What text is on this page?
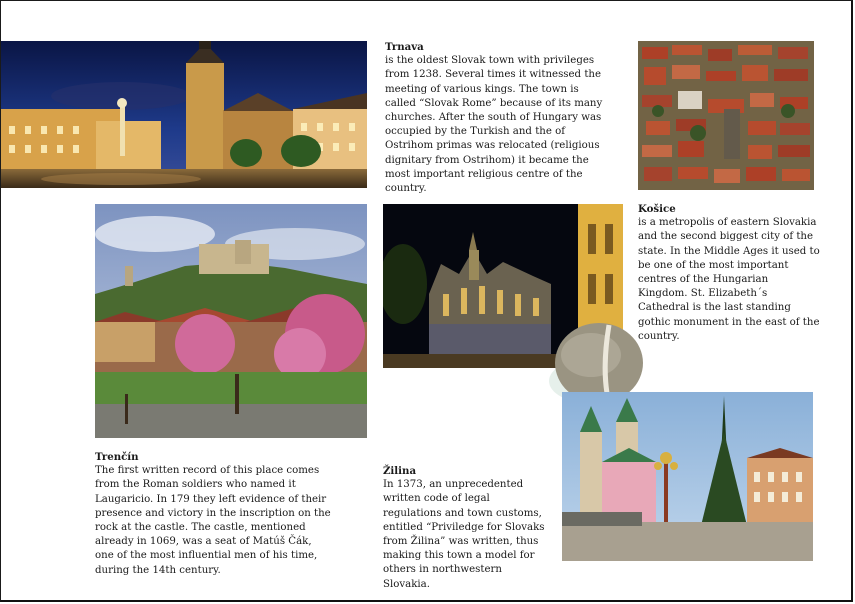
Trnava
is the oldest Slovak town with privileges from 1238. Several times it witnessed the meeting of various kings. The town is called “Slovak Rome” because of its many churches. After the south of Hungary was occupied by the Turkish and the of Ostrihom primas was relocated (religious dignitary from Ostrihom) it became the most important religious centre of the country.
Košice
is a metropolis of eastern Slovakia and the second biggest city of the state. In the Middle Ages it used to be one of the most important centres of the Hungarian Kingdom. St. Elizabeth´s Cathedral is the last standing gothic monument in the east of the country.
Trenčín
The first written record of this place comes from the Roman soldiers who named it Laugaricio. In 179 they left evidence of their presence and victory in the inscription on the rock at the castle. The castle, mentioned already in 1069, was a seat of Matúš Čák, one of the most influential men of his time, during the 14th century.
Žilina
In 1373, an unprecedented written code of legal regulations and town customs, entitled “Priviledge for Slovaks from Žilina” was written, thus making this town a model for others in northwestern Slovakia.
